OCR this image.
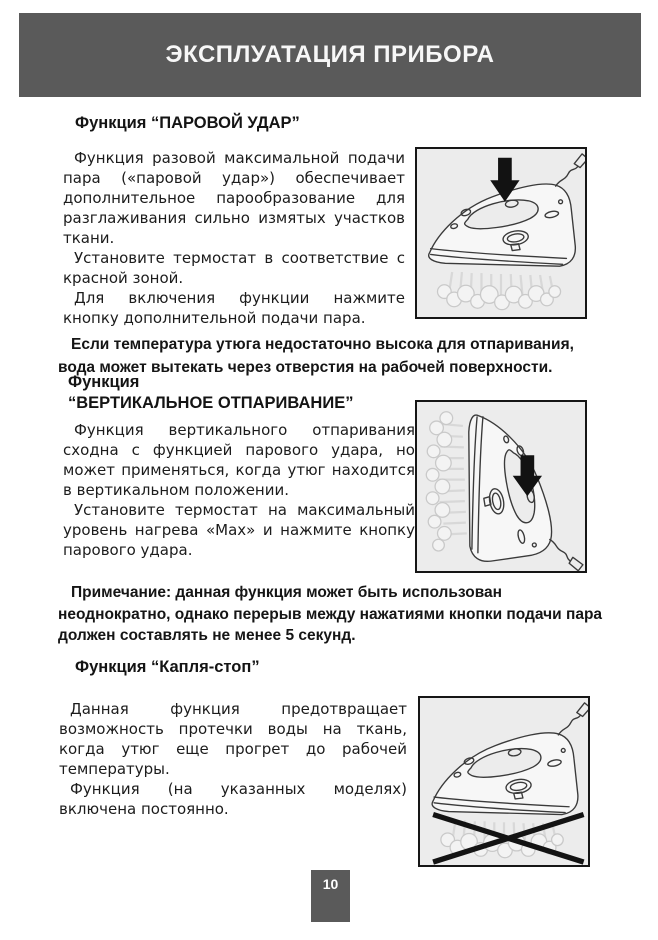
ЭКСПЛУАТАЦИЯ ПРИБОРА
Функция “ПАРОВОЙ УДАР”

Функция разовой максимальной подачи пара («паровой удар») обеспечивает дополнительное парообразование для разглаживания сильно измятых участков ткани.

Установите термостат в соответствие с красной зоной.

Для включения функции нажмите кнопку дополнительной подачи пара.

Если температура утюга недостаточно высока для отпаривания, вода может вытекать через отверстия на рабочей поверхности.

Функция
“ВЕРТИКАЛЬНОЕ ОТПАРИВАНИЕ”

Функция вертикального отпаривания сходна с функцией парового удара, но может применяться, когда утюг находится в вертикальном положении.

Установите термостат на максимальный уровень нагрева «Max» и нажмите кнопку парового удара.

Примечание: данная функция может быть использован неоднократно, однако перерыв между нажатиями кнопки подачи пара должен составлять не менее 5 секунд.

Функция “Капля-стоп”

Данная функция предотвращает возможность протечки воды на ткань, когда утюг еще прогрет до рабочей температуры.

Функция (на указанных моделях) включена постоянно.

10
